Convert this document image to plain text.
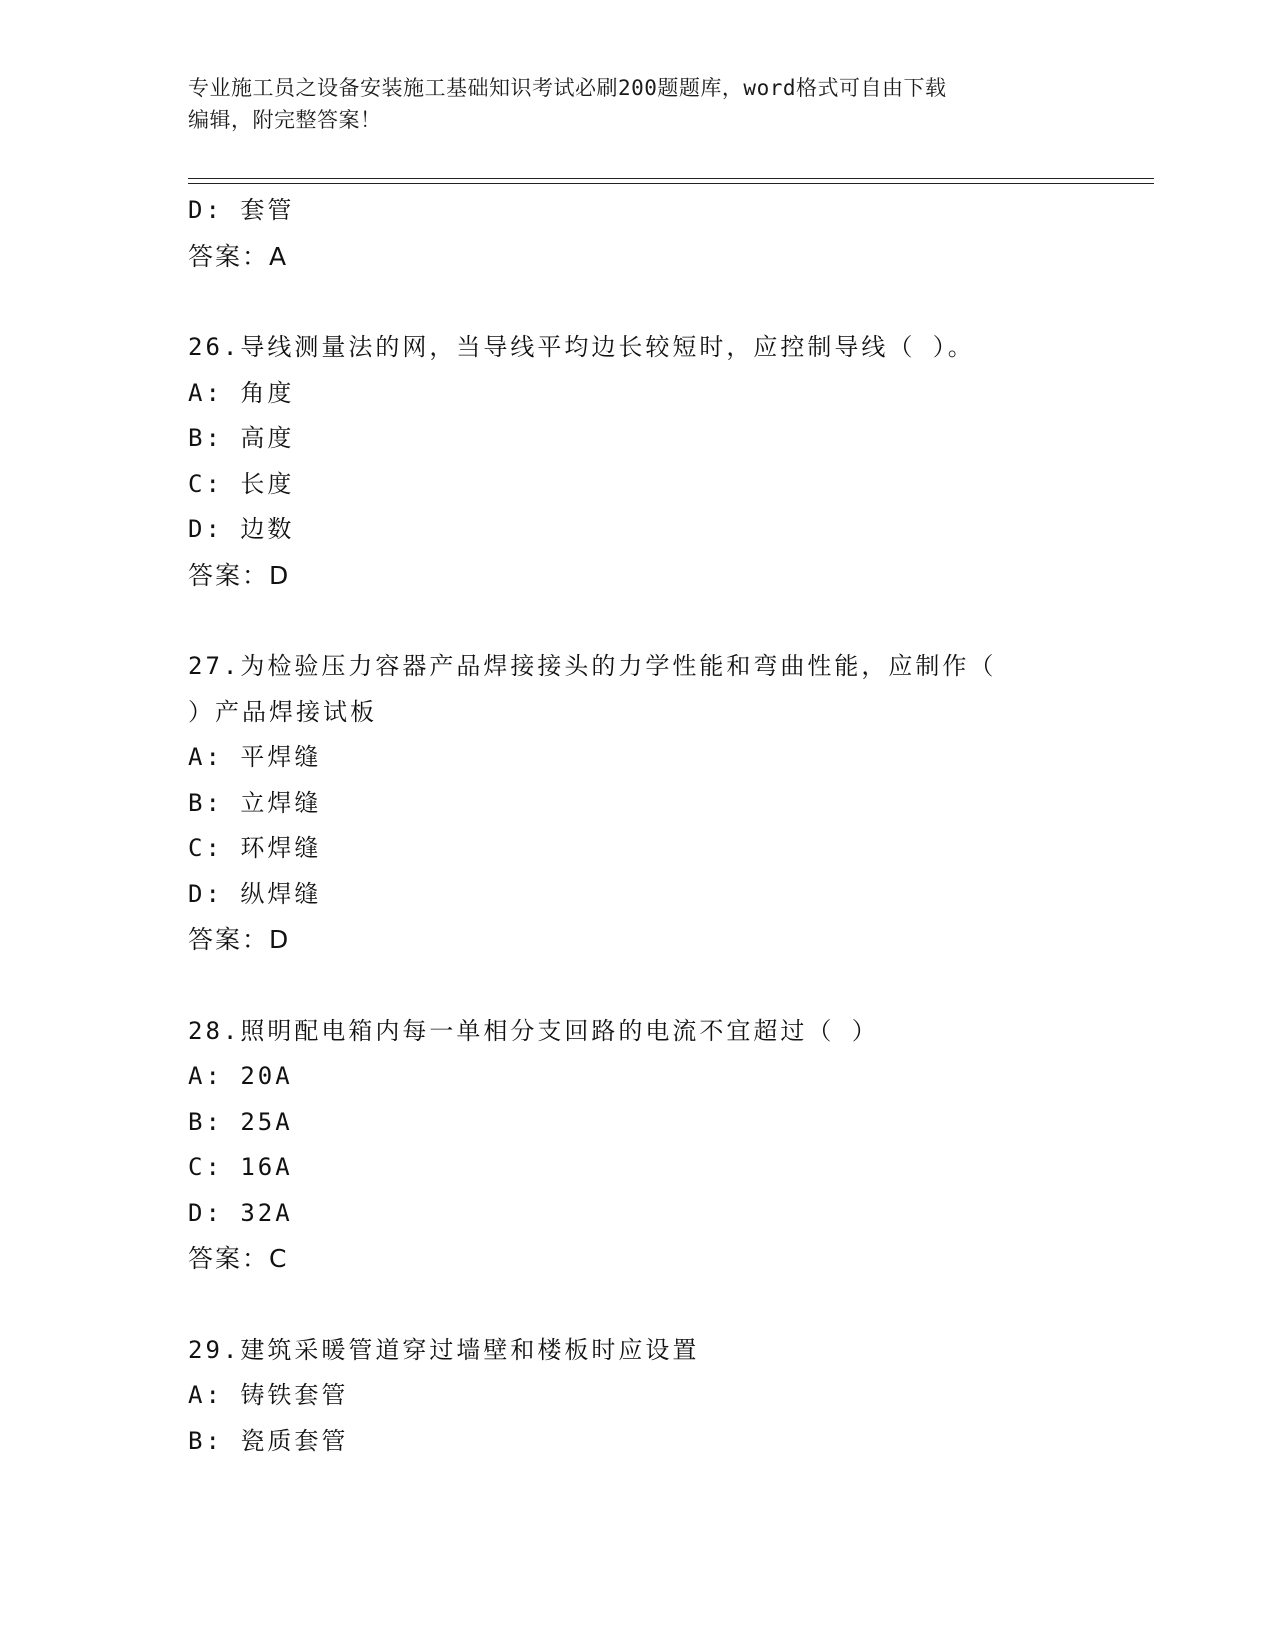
专业施工员之设备安装施工基础知识考试必刷200题题库，word格式可自由下载
编辑，附完整答案！
D: 套管
答案：A
26.导线测量法的网，当导线平均边长较短时，应控制导线（ ）。
A: 角度
B: 高度
C: 长度
D: 边数
答案：D
27.为检验压力容器产品焊接接头的力学性能和弯曲性能，应制作（
）产品焊接试板
A: 平焊缝
B: 立焊缝
C: 环焊缝
D: 纵焊缝
答案：D
28.照明配电箱内每一单相分支回路的电流不宜超过（ ）
A: 20A
B: 25A
C: 16A
D: 32A
答案：C
29.建筑采暖管道穿过墙壁和楼板时应设置
A: 铸铁套管
B: 瓷质套管
